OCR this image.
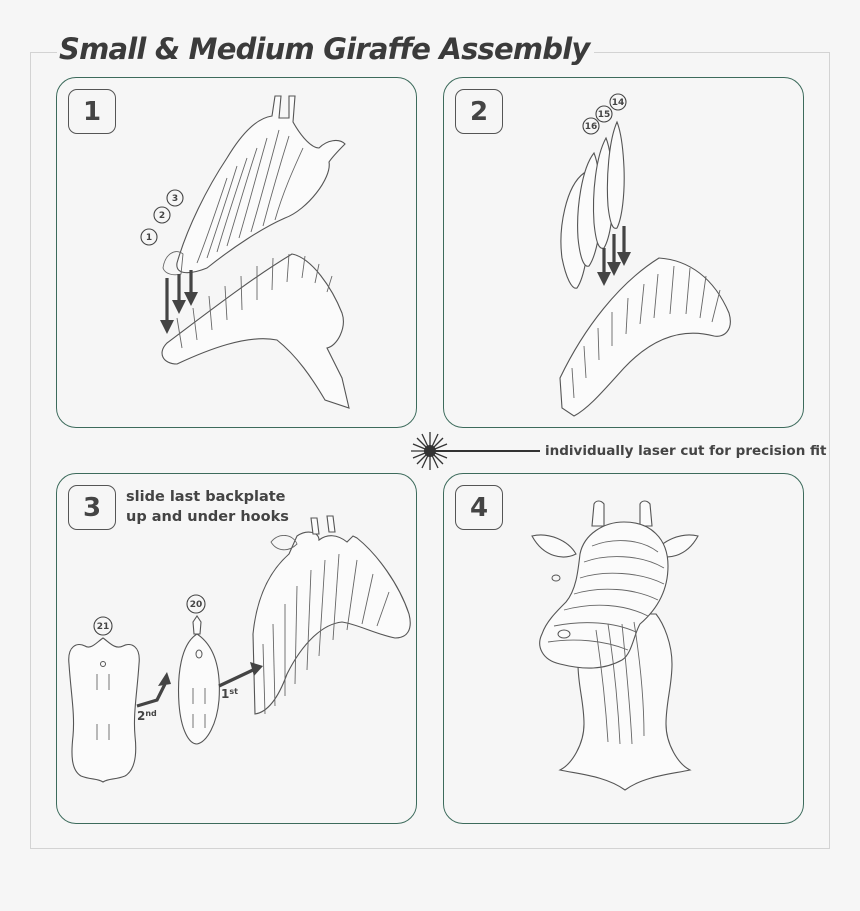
Small & Medium Giraffe Assembly
1
1
2
3
2
16
15
14

individually laser cut for precision fit

3	slide last backplate
up and under hooks

21
20
2nd
1st
4
